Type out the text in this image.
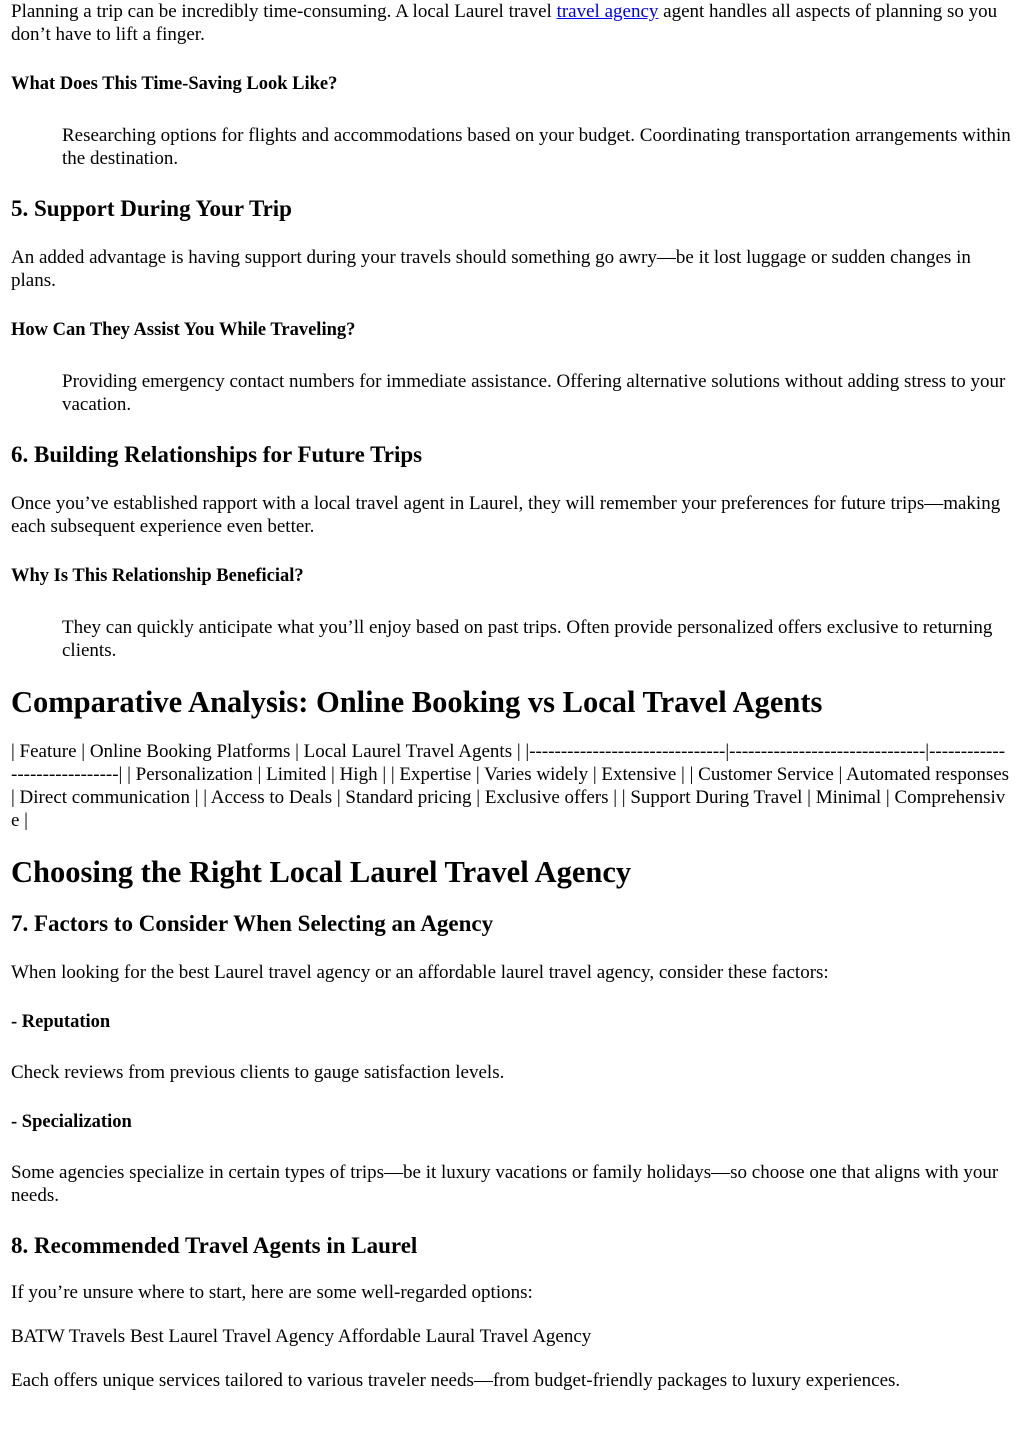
Planning a trip can be incredibly time-consuming. A local Laurel travel travel agency agent handles all aspects of planning so you don’t have to lift a finger.

What Does This Time-Saving Look Like?

Researching options for flights and accommodations based on your budget. Coordinating transportation arrangements within the destination.

5. Support During Your Trip

An added advantage is having support during your travels should something go awry—be it lost luggage or sudden changes in plans.

How Can They Assist You While Traveling?

Providing emergency contact numbers for immediate assistance. Offering alternative solutions without adding stress to your vacation.

6. Building Relationships for Future Trips

Once you’ve established rapport with a local travel agent in Laurel, they will remember your preferences for future trips—making each subsequent experience even better.

Why Is This Relationship Beneficial?

They can quickly anticipate what you’ll enjoy based on past trips. Often provide personalized offers exclusive to returning clients.

Comparative Analysis: Online Booking vs Local Travel Agents

| Feature | Online Booking Platforms | Local Laurel Travel Agents | |-------------------------------|-------------------------------|-----------------------------| | Personalization | Limited | High | | Expertise | Varies widely | Extensive | | Customer Service | Automated responses | Direct communication | | Access to Deals | Standard pricing | Exclusive offers | | Support During Travel | Minimal | Comprehensive |

Choosing the Right Local Laurel Travel Agency

7. Factors to Consider When Selecting an Agency

When looking for the best Laurel travel agency or an affordable laurel travel agency, consider these factors:

- Reputation

Check reviews from previous clients to gauge satisfaction levels.

- Specialization

Some agencies specialize in certain types of trips—be it luxury vacations or family holidays—so choose one that aligns with your needs.

8. Recommended Travel Agents in Laurel

If you’re unsure where to start, here are some well-regarded options:

BATW Travels Best Laurel Travel Agency Affordable Laural Travel Agency

Each offers unique services tailored to various traveler needs—from budget-friendly packages to luxury experiences.
